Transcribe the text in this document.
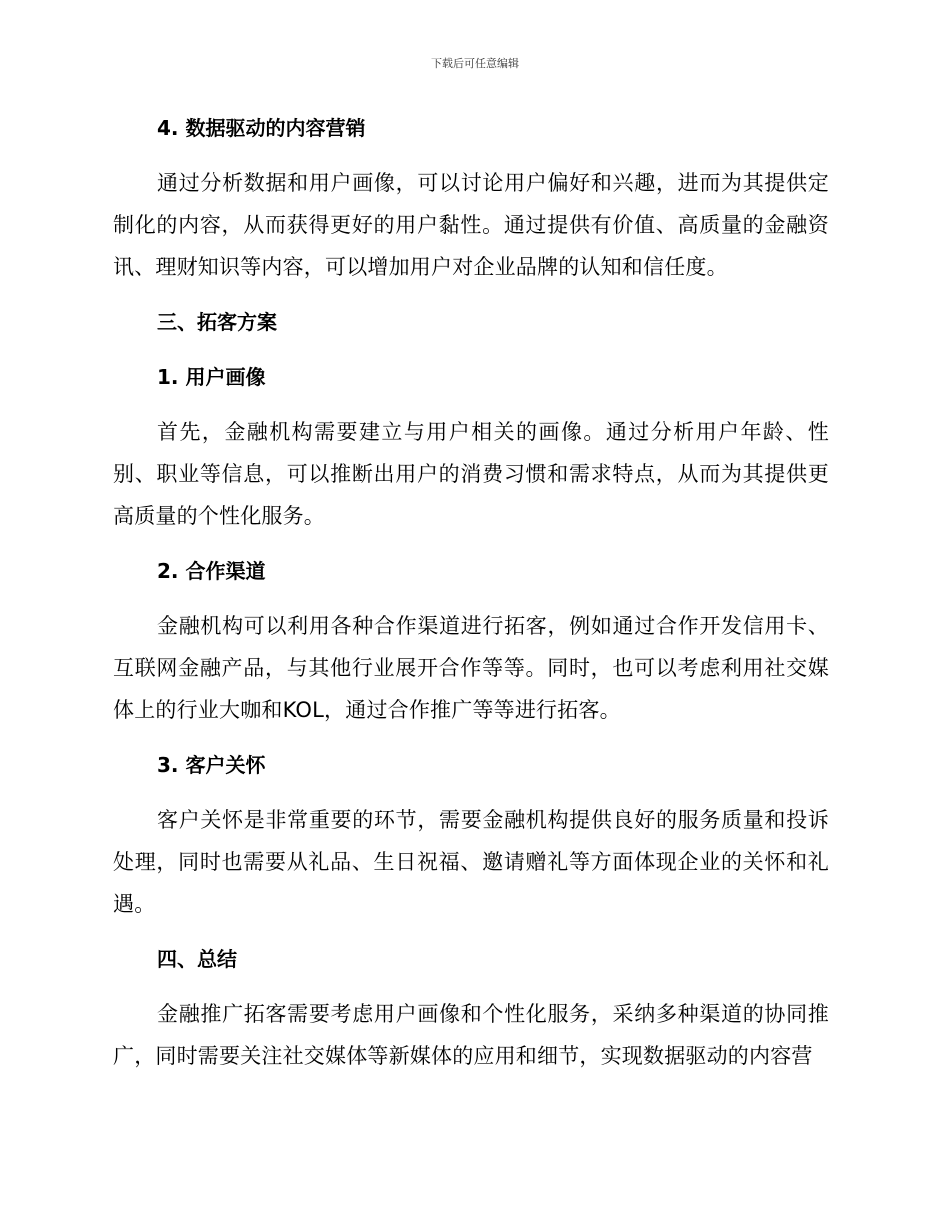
下载后可任意编辑

4. 数据驱动的内容营销

通过分析数据和用户画像，可以讨论用户偏好和兴趣，进而为其提供定制化的内容，从而获得更好的用户黏性。通过提供有价值、高质量的金融资讯、理财知识等内容，可以增加用户对企业品牌的认知和信任度。

三、拓客方案

1. 用户画像

首先，金融机构需要建立与用户相关的画像。通过分析用户年龄、性别、职业等信息，可以推断出用户的消费习惯和需求特点，从而为其提供更高质量的个性化服务。

2. 合作渠道

金融机构可以利用各种合作渠道进行拓客，例如通过合作开发信用卡、互联网金融产品，与其他行业展开合作等等。同时，也可以考虑利用社交媒体上的行业大咖和KOL，通过合作推广等等进行拓客。

3. 客户关怀

客户关怀是非常重要的环节，需要金融机构提供良好的服务质量和投诉处理，同时也需要从礼品、生日祝福、邀请赠礼等方面体现企业的关怀和礼遇。

四、总结

金融推广拓客需要考虑用户画像和个性化服务，采纳多种渠道的协同推广，同时需要关注社交媒体等新媒体的应用和细节，实现数据驱动的内容营
